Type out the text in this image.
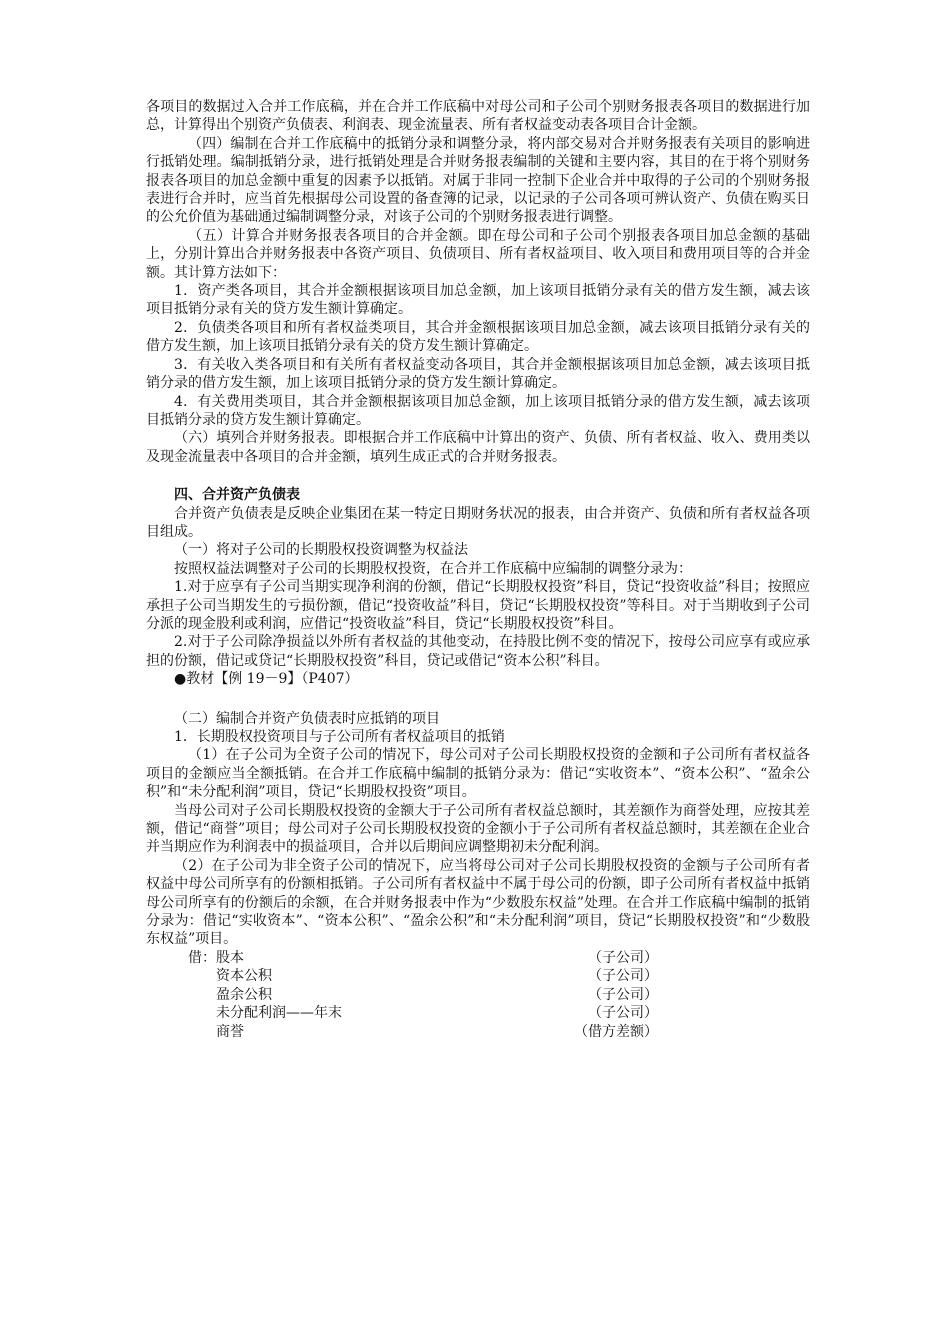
各项目的数据过入合并工作底稿，并在合并工作底稿中对母公司和子公司个别财务报表各项目的数据进行加总，计算得出个别资产负债表、利润表、现金流量表、所有者权益变动表各项目合计金额。

（四）编制在合并工作底稿中的抵销分录和调整分录，将内部交易对合并财务报表有关项目的影响进行抵销处理。编制抵销分录，进行抵销处理是合并财务报表编制的关键和主要内容，其目的在于将个别财务报表各项目的加总金额中重复的因素予以抵销。对属于非同一控制下企业合并中取得的子公司的个别财务报表进行合并时，应当首先根据母公司设置的备查簿的记录，以记录的子公司各项可辨认资产、负债在购买日的公允价值为基础通过编制调整分录，对该子公司的个别财务报表进行调整。

（五）计算合并财务报表各项目的合并金额。即在母公司和子公司个别报表各项目加总金额的基础上，分别计算出合并财务报表中各资产项目、负债项目、所有者权益项目、收入项目和费用项目等的合并金额。其计算方法如下：

1．资产类各项目，其合并金额根据该项目加总金额，加上该项目抵销分录有关的借方发生额，减去该项目抵销分录有关的贷方发生额计算确定。

2．负债类各项目和所有者权益类项目，其合并金额根据该项目加总金额，减去该项目抵销分录有关的借方发生额，加上该项目抵销分录有关的贷方发生额计算确定。

3．有关收入类各项目和有关所有者权益变动各项目，其合并金额根据该项目加总金额，减去该项目抵销分录的借方发生额，加上该项目抵销分录的贷方发生额计算确定。

4．有关费用类项目，其合并金额根据该项目加总金额，加上该项目抵销分录的借方发生额，减去该项目抵销分录的贷方发生额计算确定。

（六）填列合并财务报表。即根据合并工作底稿中计算出的资产、负债、所有者权益、收入、费用类以及现金流量表中各项目的合并金额，填列生成正式的合并财务报表。

四、合并资产负债表

合并资产负债表是反映企业集团在某一特定日期财务状况的报表，由合并资产、负债和所有者权益各项目组成。

（一）将对子公司的长期股权投资调整为权益法

按照权益法调整对子公司的长期股权投资，在合并工作底稿中应编制的调整分录为：

1.对于应享有子公司当期实现净利润的份额，借记“长期股权投资”科目，贷记“投资收益”科目；按照应承担子公司当期发生的亏损份额，借记“投资收益”科目，贷记“长期股权投资”等科目。对于当期收到子公司分派的现金股利或利润，应借记“投资收益”科目，贷记“长期股权投资”科目。

2.对于子公司除净损益以外所有者权益的其他变动，在持股比例不变的情况下，按母公司应享有或应承担的份额，借记或贷记“长期股权投资”科目，贷记或借记“资本公积”科目。

●教材【例 19－9】（P407）

（二）编制合并资产负债表时应抵销的项目

1．长期股权投资项目与子公司所有者权益项目的抵销

（1）在子公司为全资子公司的情况下，母公司对子公司长期股权投资的金额和子公司所有者权益各项目的金额应当全额抵销。在合并工作底稿中编制的抵销分录为：借记“实收资本”、“资本公积”、“盈余公积”和“未分配利润”项目，贷记“长期股权投资”项目。

当母公司对子公司长期股权投资的金额大于子公司所有者权益总额时，其差额作为商誉处理，应按其差额，借记“商誉”项目；母公司对子公司长期股权投资的金额小于子公司所有者权益总额时，其差额在企业合并当期应作为利润表中的损益项目，合并以后期间应调整期初未分配利润。

（2）在子公司为非全资子公司的情况下，应当将母公司对子公司长期股权投资的金额与子公司所有者权益中母公司所享有的份额相抵销。子公司所有者权益中不属于母公司的份额，即子公司所有者权益中抵销母公司所享有的份额后的余额，在合并财务报表中作为“少数股东权益”处理。在合并工作底稿中编制的抵销分录为：借记“实收资本”、“资本公积”、“盈余公积”和“未分配利润”项目，贷记“长期股权投资”和“少数股东权益”项目。

借：股本	（子公司）
资本公积	（子公司）
盈余公积	（子公司）
未分配利润——年末	（子公司）
商誉	（借方差额）
